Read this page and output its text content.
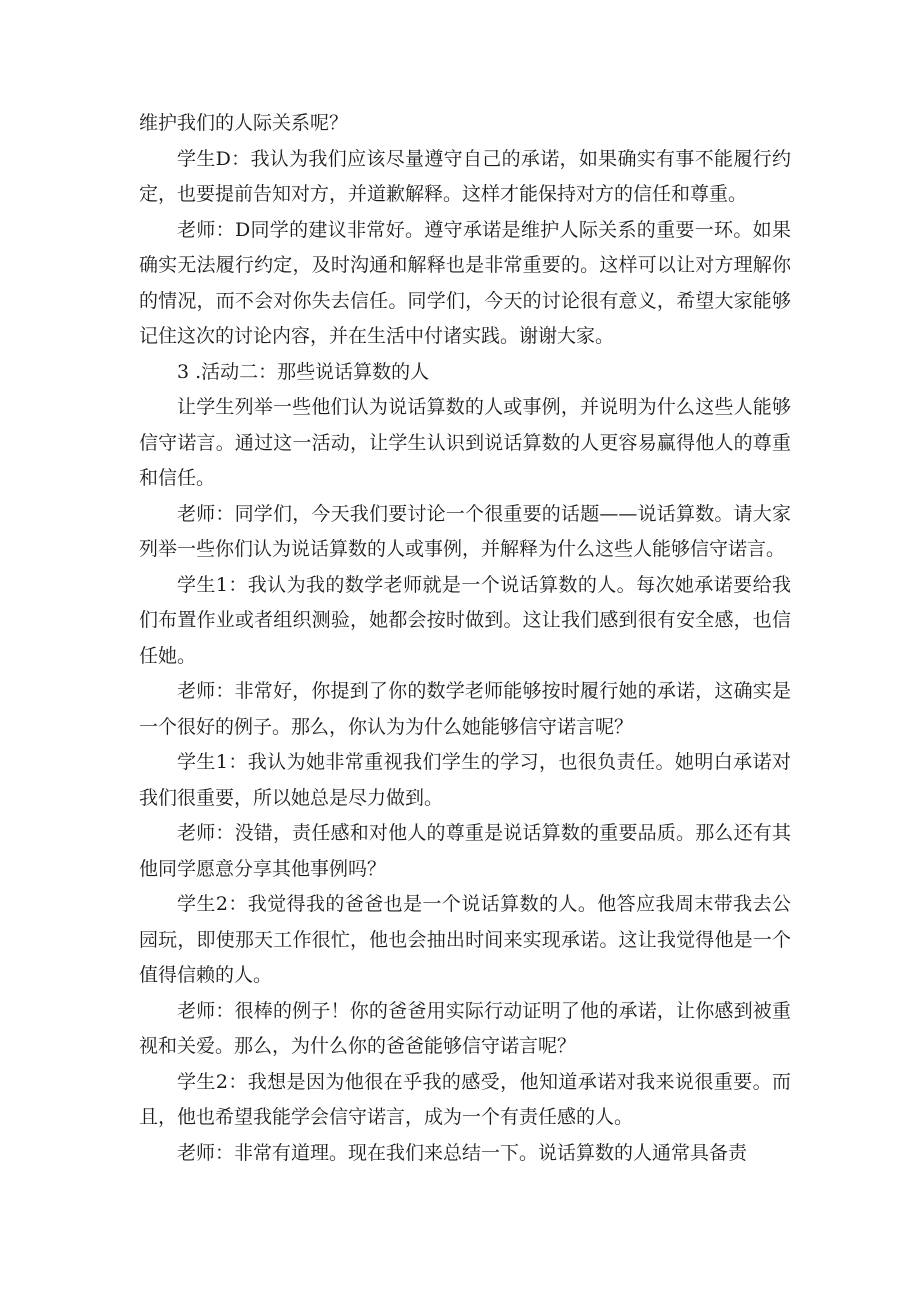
维护我们的人际关系呢？

学生D：我认为我们应该尽量遵守自己的承诺，如果确实有事不能履行约定，也要提前告知对方，并道歉解释。这样才能保持对方的信任和尊重。

老师：D同学的建议非常好。遵守承诺是维护人际关系的重要一环。如果确实无法履行约定，及时沟通和解释也是非常重要的。这样可以让对方理解你的情况，而不会对你失去信任。同学们，今天的讨论很有意义，希望大家能够记住这次的讨论内容，并在生活中付诸实践。谢谢大家。

3 .活动二：那些说话算数的人

让学生列举一些他们认为说话算数的人或事例，并说明为什么这些人能够信守诺言。通过这一活动，让学生认识到说话算数的人更容易赢得他人的尊重和信任。

老师：同学们，今天我们要讨论一个很重要的话题——说话算数。请大家列举一些你们认为说话算数的人或事例，并解释为什么这些人能够信守诺言。

学生1：我认为我的数学老师就是一个说话算数的人。每次她承诺要给我们布置作业或者组织测验，她都会按时做到。这让我们感到很有安全感，也信任她。

老师：非常好，你提到了你的数学老师能够按时履行她的承诺，这确实是一个很好的例子。那么，你认为为什么她能够信守诺言呢？

学生1：我认为她非常重视我们学生的学习，也很负责任。她明白承诺对我们很重要，所以她总是尽力做到。

老师：没错，责任感和对他人的尊重是说话算数的重要品质。那么还有其他同学愿意分享其他事例吗？

学生2：我觉得我的爸爸也是一个说话算数的人。他答应我周末带我去公园玩，即使那天工作很忙，他也会抽出时间来实现承诺。这让我觉得他是一个值得信赖的人。

老师：很棒的例子！你的爸爸用实际行动证明了他的承诺，让你感到被重视和关爱。那么，为什么你的爸爸能够信守诺言呢？

学生2：我想是因为他很在乎我的感受，他知道承诺对我来说很重要。而且，他也希望我能学会信守诺言，成为一个有责任感的人。

老师：非常有道理。现在我们来总结一下。说话算数的人通常具备责
